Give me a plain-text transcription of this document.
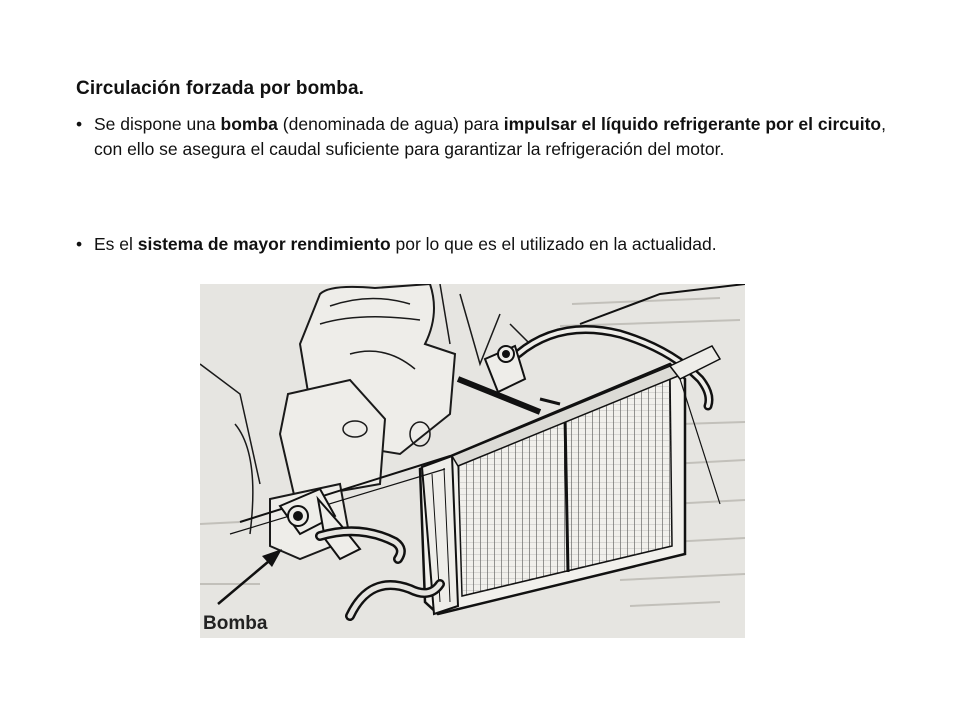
Circulación forzada por bomba.
• Se dispone una bomba (denominada de agua) para impulsar el líquido refrigerante por el circuito, con ello se asegura el caudal suficiente para garantizar la refrigeración del motor.
• Es el sistema de mayor rendimiento por lo que es el utilizado en la actualidad.
Bomba
